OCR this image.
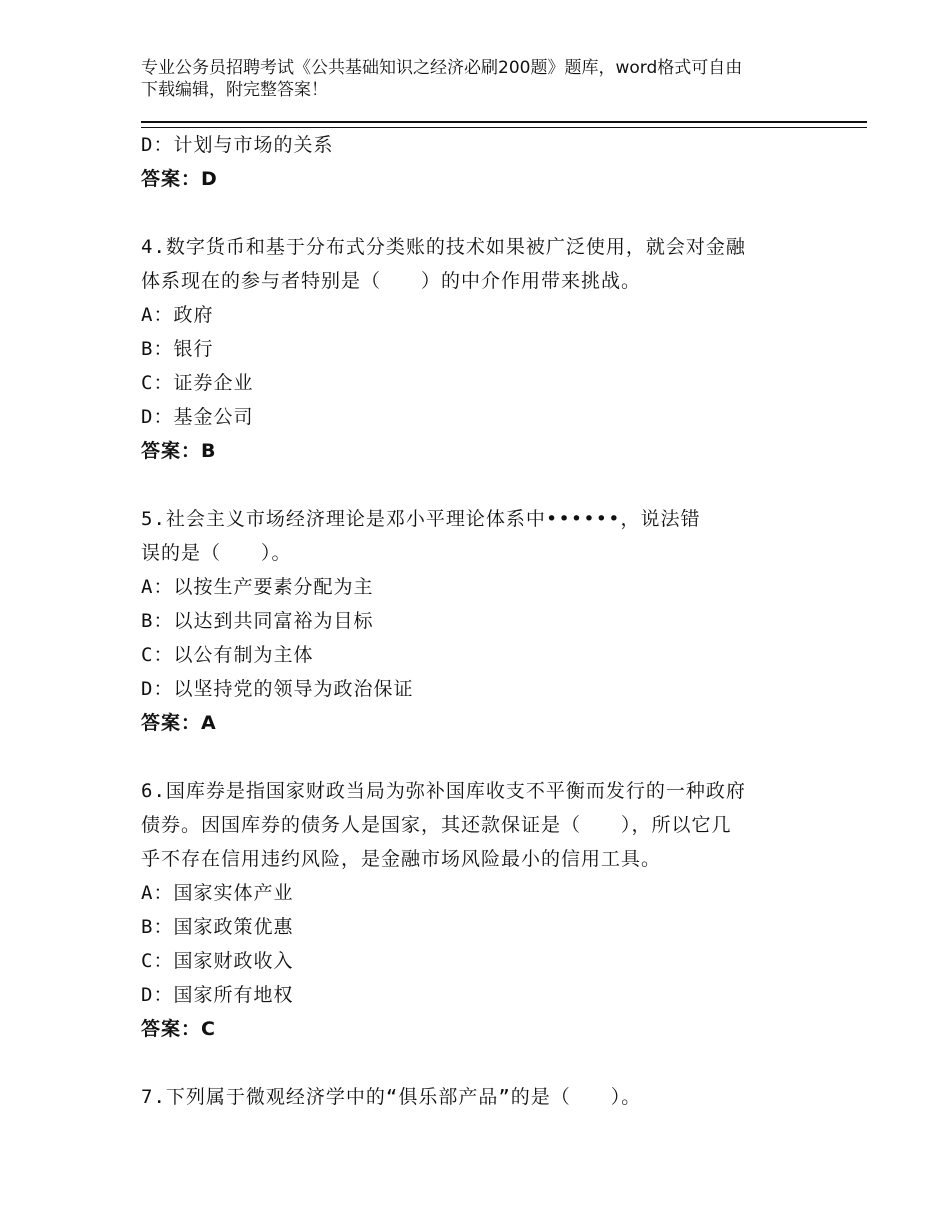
专业公务员招聘考试《公共基础知识之经济必刷200题》题库，word格式可自由
下载编辑，附完整答案！
D：计划与市场的关系
答案：D
4.数字货币和基于分布式分类账的技术如果被广泛使用，就会对金融
体系现在的参与者特别是（　　）的中介作用带来挑战。
A：政府
B：银行
C：证券企业
D：基金公司
答案：B
5.社会主义市场经济理论是邓小平理论体系中••••••，说法错
误的是（　　）。
A：以按生产要素分配为主
B：以达到共同富裕为目标
C：以公有制为主体
D：以坚持党的领导为政治保证
答案：A
6.国库券是指国家财政当局为弥补国库收支不平衡而发行的一种政府
债券。因国库券的债务人是国家，其还款保证是（　　），所以它几
乎不存在信用违约风险，是金融市场风险最小的信用工具。
A：国家实体产业
B：国家政策优惠
C：国家财政收入
D：国家所有地权
答案：C
7.下列属于微观经济学中的“俱乐部产品”的是（　　）。
